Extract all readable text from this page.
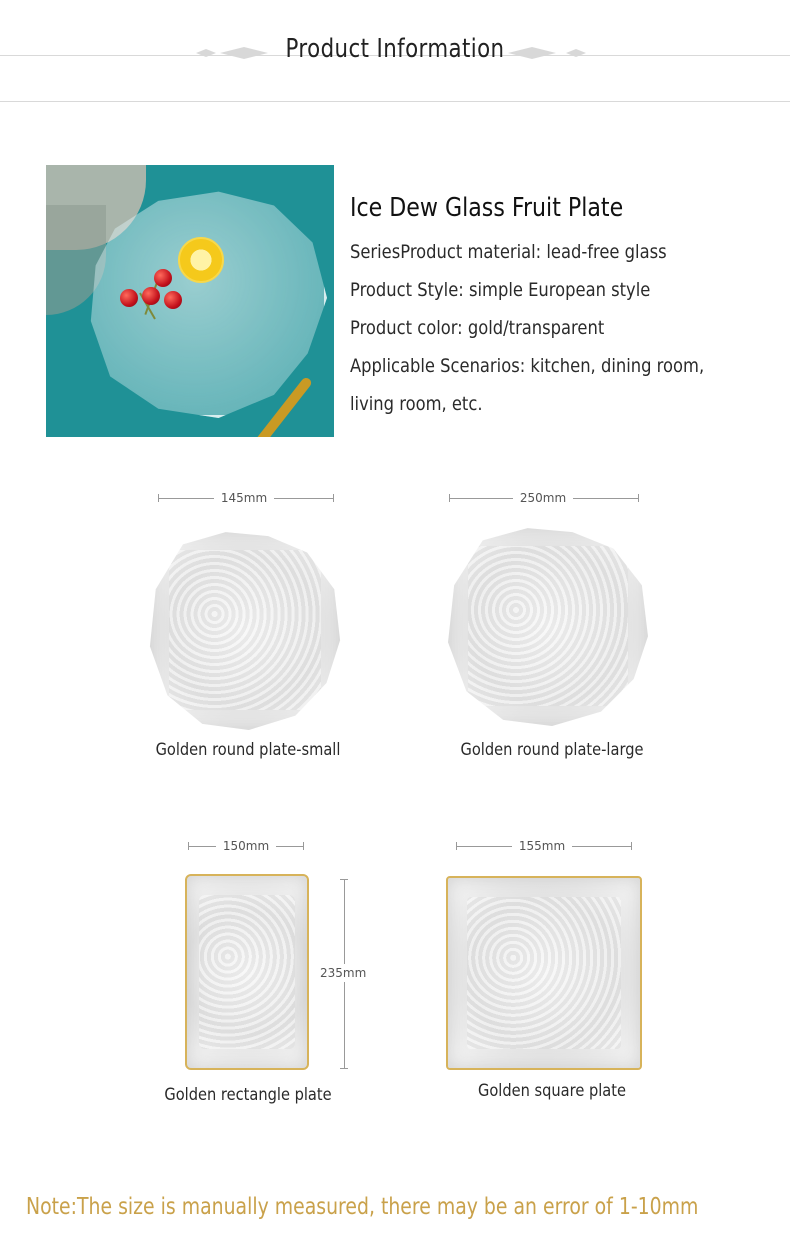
Product Information
Ice Dew Glass Fruit Plate
SeriesProduct material: lead-free glass
Product Style: simple European style
Product color: gold/transparent
Applicable Scenarios: kitchen, dining room,
living room, etc.
145mm
Golden round plate-small
250mm
Golden round plate-large
150mm
235mm
Golden rectangle plate
155mm
Golden square plate
Note:The size is manually measured, there may be an error of 1-10mm
